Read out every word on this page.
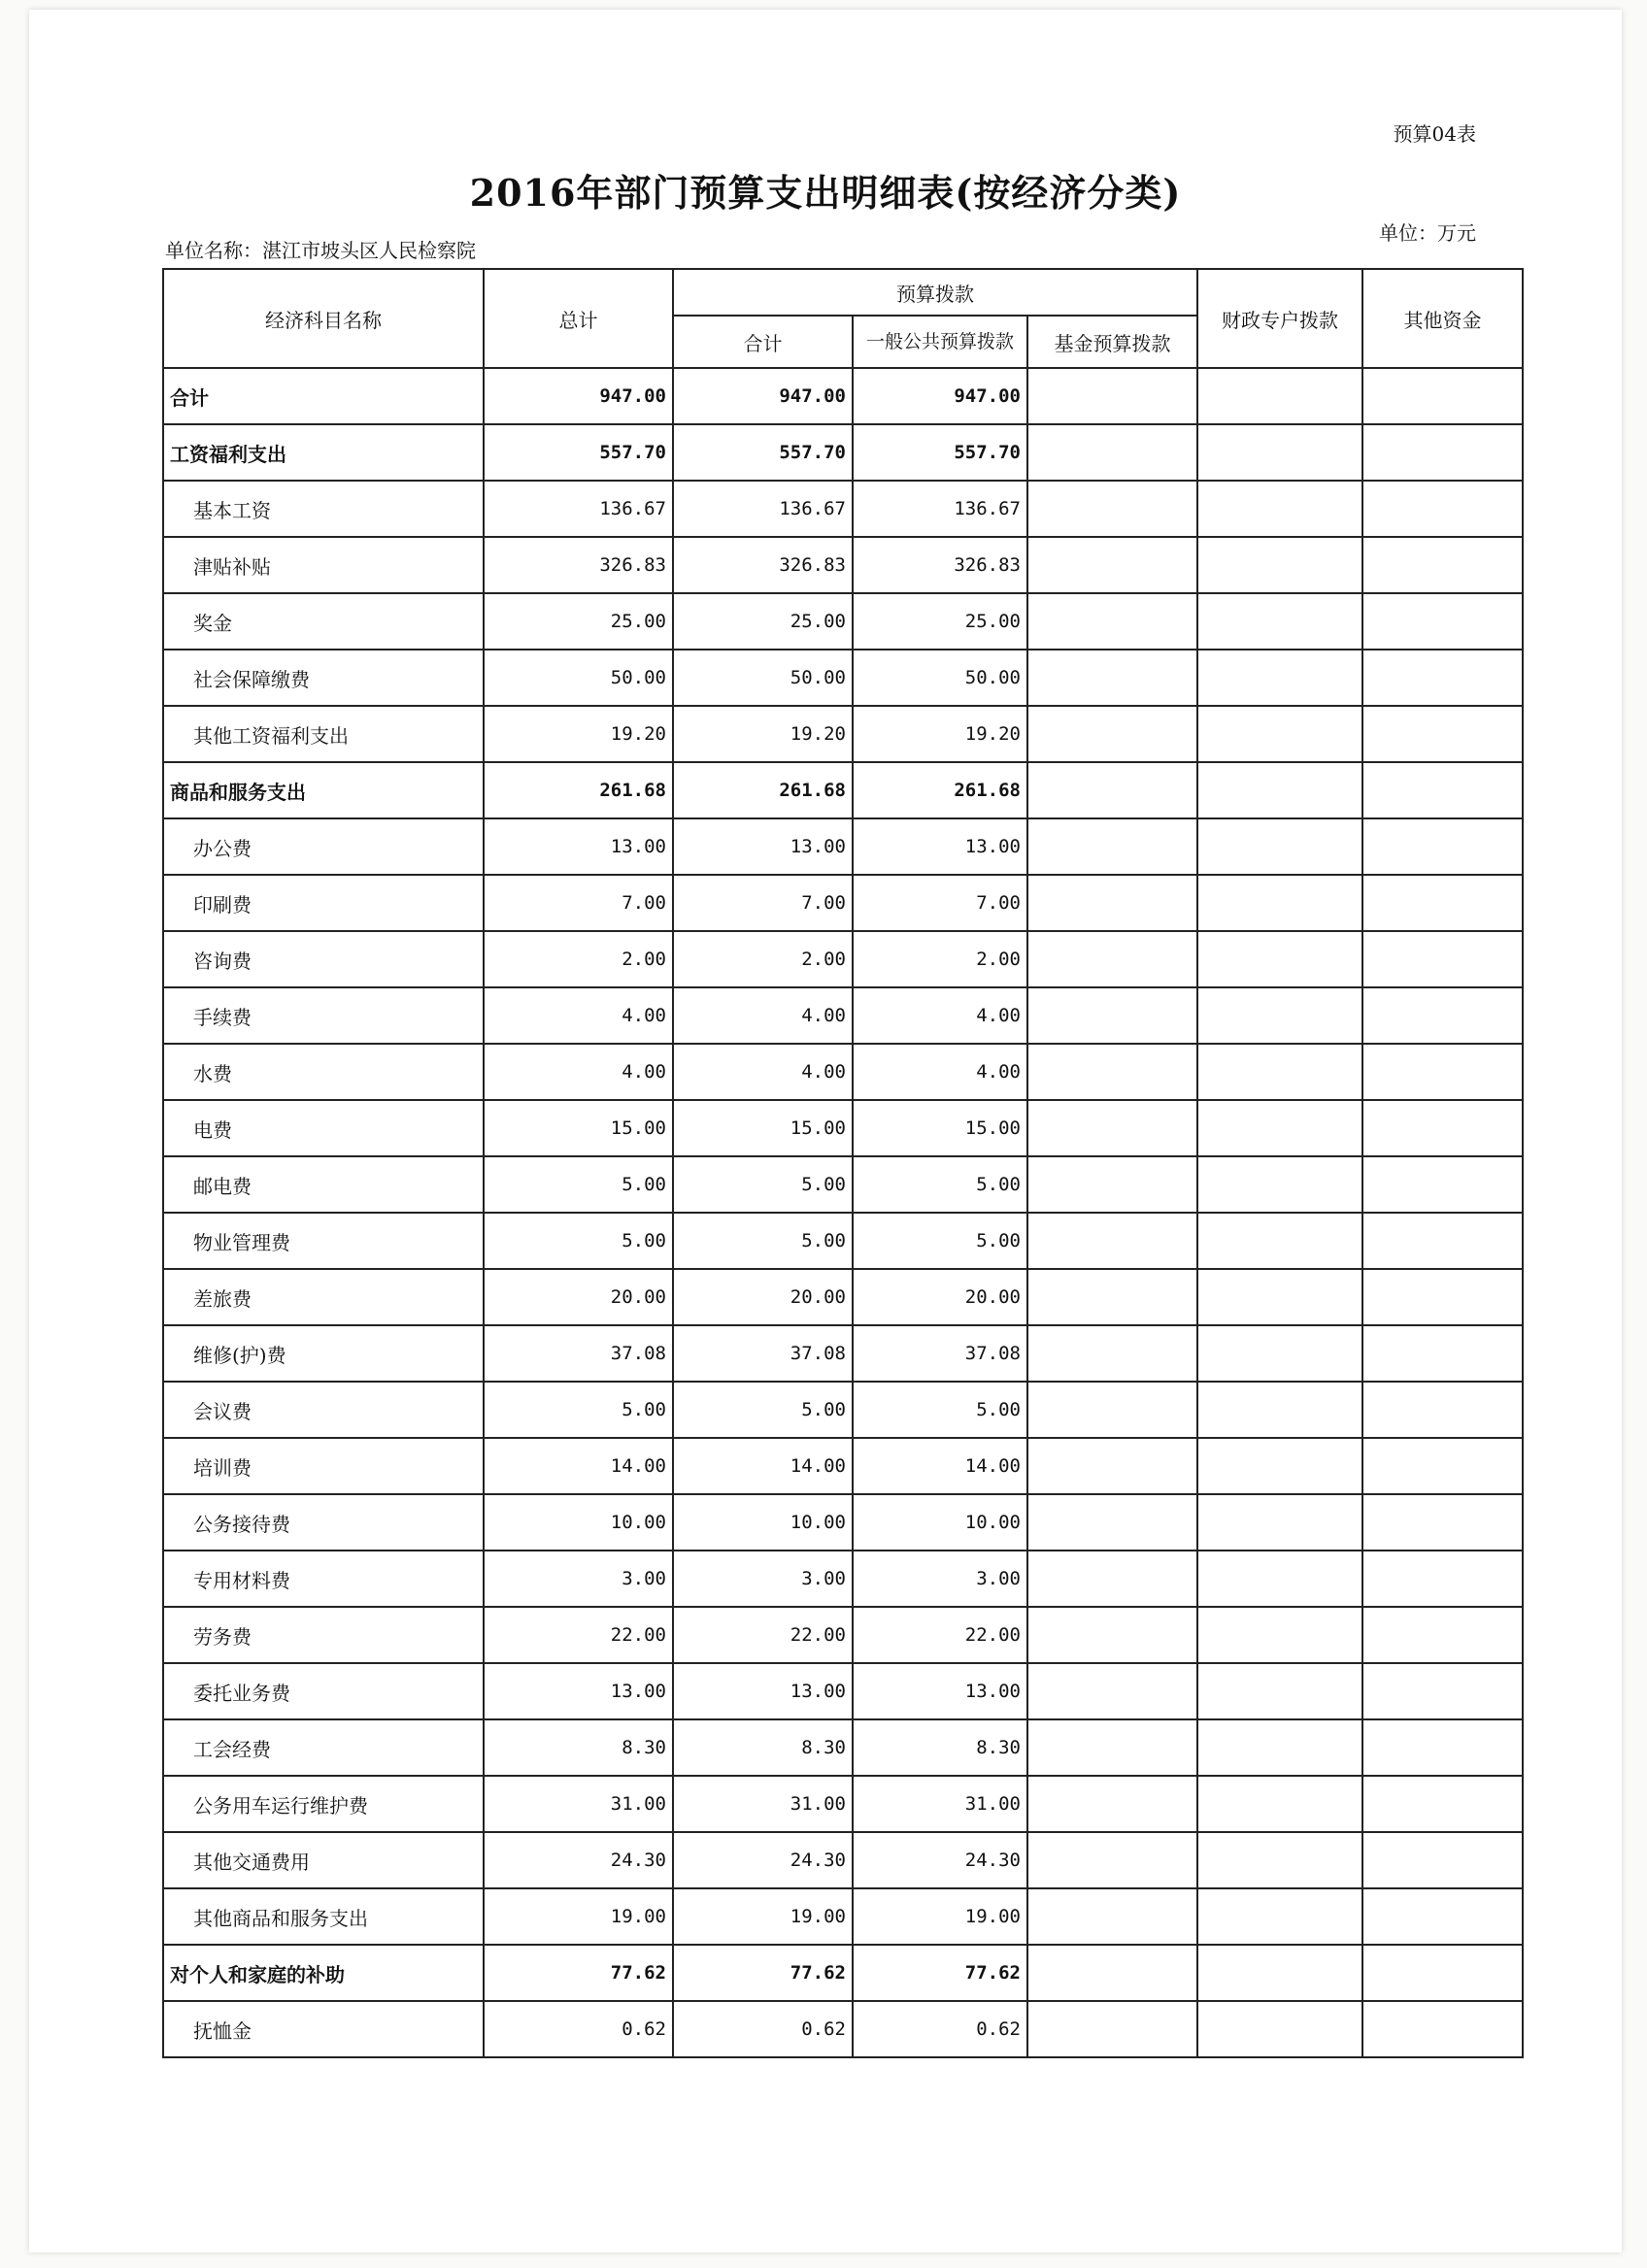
预算04表
2016年部门预算支出明细表(按经济分类)
单位名称：湛江市坡头区人民检察院
单位：万元
经济科目名称	总计	预算拨款			财政专户拨款	其他资金
		合计	一般公共预算拨款	基金预算拨款		
合计	947.00	947.00	947.00			
工资福利支出	557.70	557.70	557.70			
基本工资	136.67	136.67	136.67			
津贴补贴	326.83	326.83	326.83			
奖金	25.00	25.00	25.00			
社会保障缴费	50.00	50.00	50.00			
其他工资福利支出	19.20	19.20	19.20			
商品和服务支出	261.68	261.68	261.68			
办公费	13.00	13.00	13.00			
印刷费	7.00	7.00	7.00			
咨询费	2.00	2.00	2.00			
手续费	4.00	4.00	4.00			
水费	4.00	4.00	4.00			
电费	15.00	15.00	15.00			
邮电费	5.00	5.00	5.00			
物业管理费	5.00	5.00	5.00			
差旅费	20.00	20.00	20.00			
维修(护)费	37.08	37.08	37.08			
会议费	5.00	5.00	5.00			
培训费	14.00	14.00	14.00			
公务接待费	10.00	10.00	10.00			
专用材料费	3.00	3.00	3.00			
劳务费	22.00	22.00	22.00			
委托业务费	13.00	13.00	13.00			
工会经费	8.30	8.30	8.30			
公务用车运行维护费	31.00	31.00	31.00			
其他交通费用	24.30	24.30	24.30			
其他商品和服务支出	19.00	19.00	19.00			
对个人和家庭的补助	77.62	77.62	77.62			
抚恤金	0.62	0.62	0.62			
